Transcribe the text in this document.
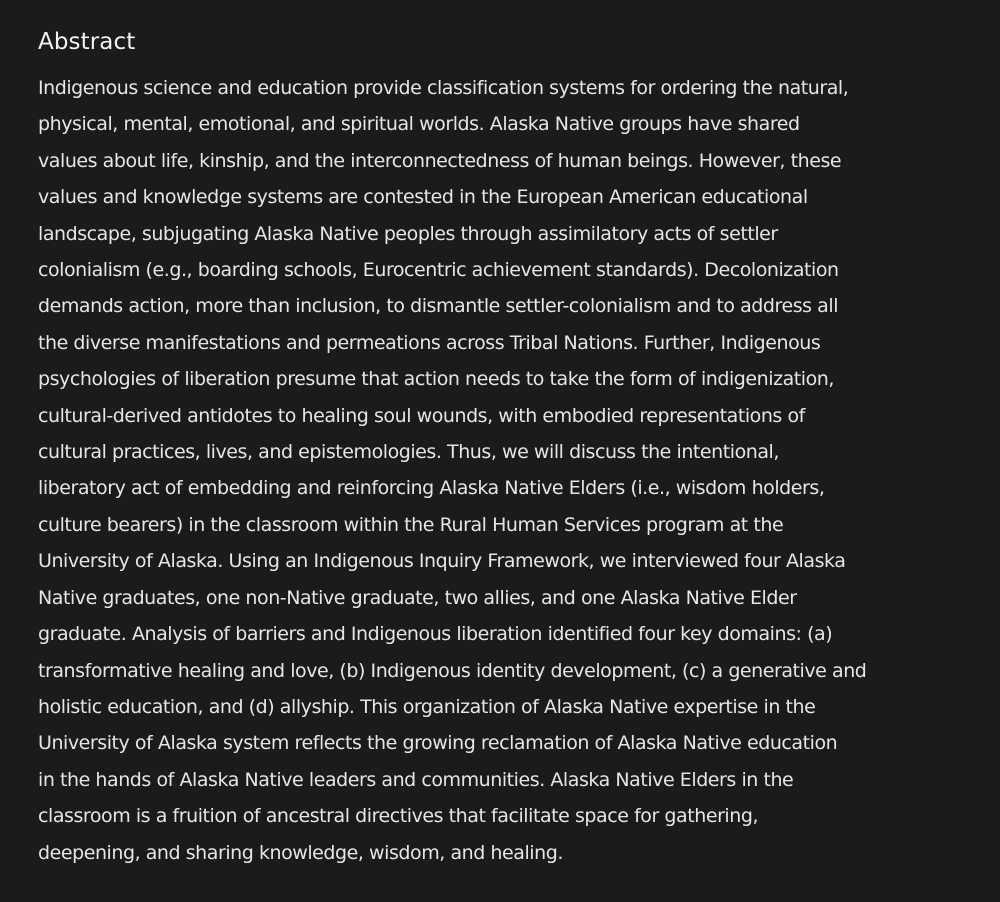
Abstract

Indigenous science and education provide classification systems for ordering the natural,
physical, mental, emotional, and spiritual worlds. Alaska Native groups have shared
values about life, kinship, and the interconnectedness of human beings. However, these
values and knowledge systems are contested in the European American educational
landscape, subjugating Alaska Native peoples through assimilatory acts of settler
colonialism (e.g., boarding schools, Eurocentric achievement standards). Decolonization
demands action, more than inclusion, to dismantle settler-colonialism and to address all
the diverse manifestations and permeations across Tribal Nations. Further, Indigenous
psychologies of liberation presume that action needs to take the form of indigenization,
cultural-derived antidotes to healing soul wounds, with embodied representations of
cultural practices, lives, and epistemologies. Thus, we will discuss the intentional,
liberatory act of embedding and reinforcing Alaska Native Elders (i.e., wisdom holders,
culture bearers) in the classroom within the Rural Human Services program at the
University of Alaska. Using an Indigenous Inquiry Framework, we interviewed four Alaska
Native graduates, one non-Native graduate, two allies, and one Alaska Native Elder
graduate. Analysis of barriers and Indigenous liberation identified four key domains: (a)
transformative healing and love, (b) Indigenous identity development, (c) a generative and
holistic education, and (d) allyship. This organization of Alaska Native expertise in the
University of Alaska system reflects the growing reclamation of Alaska Native education
in the hands of Alaska Native leaders and communities. Alaska Native Elders in the
classroom is a fruition of ancestral directives that facilitate space for gathering,
deepening, and sharing knowledge, wisdom, and healing.
